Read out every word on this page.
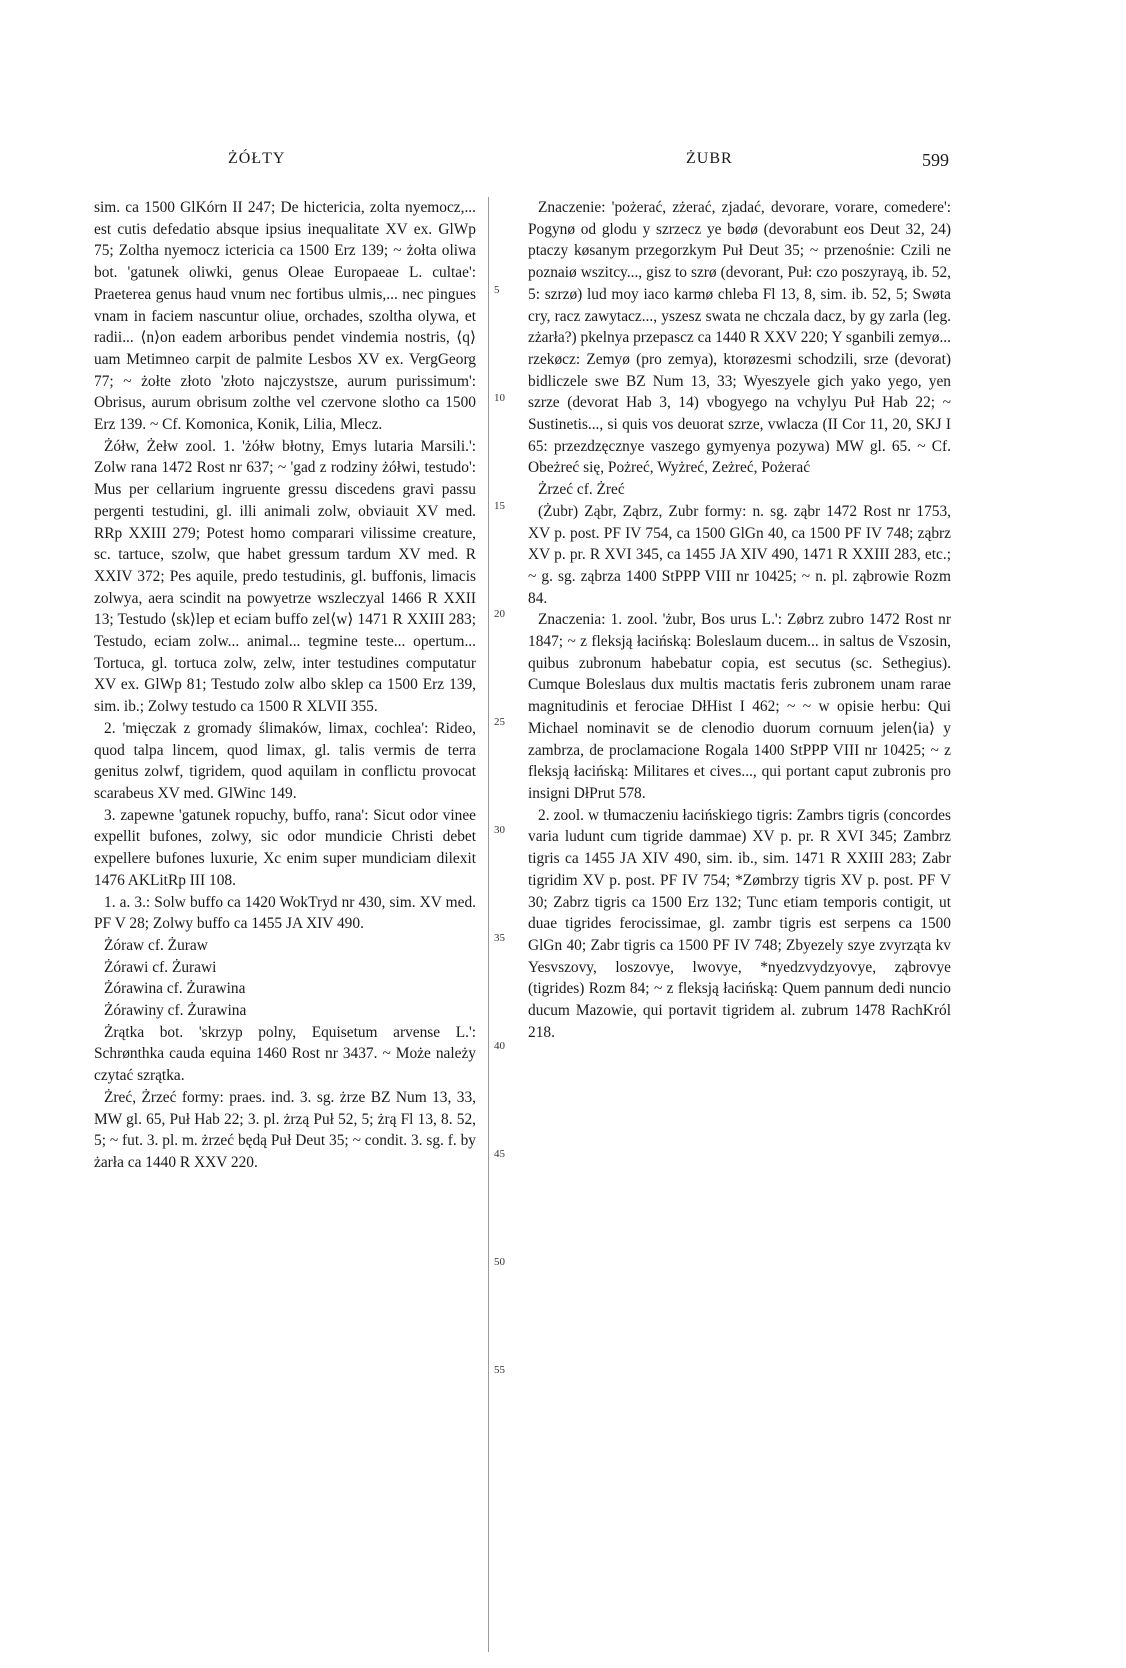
ŻÓŁTY	ŻUBR	599

sim. ca 1500 GlKórn II 247; De hictericia, zolta nyemocz,... est cutis defedatio absque ipsius inequalitate XV ex. GlWp 75; Zoltha nyemocz ictericia ca 1500 Erz 139; ~ żołta oliwa bot. 'gatunek oliwki, genus Oleae Europaeae L. cultae': Praeterea genus haud vnum nec fortibus ulmis,... nec pingues vnam in faciem nascuntur oliue, orchades, szoltha olywa, et radii... ⟨n⟩on eadem arboribus pendet vindemia nostris, ⟨q⟩uam Metimneo carpit de palmite Lesbos XV ex. VergGeorg 77; ~ żołte złoto 'złoto najczystsze, aurum purissimum': Obrisus, aurum obrisum zolthe vel czervone slotho ca 1500 Erz 139. ~ Cf. Komonica, Konik, Lilia, Mlecz.

Żółw, Żełw zool. 1. 'żółw błotny, Emys lutaria Marsili.': Zolw rana 1472 Rost nr 637; ~ 'gad z rodziny żółwi, testudo': Mus per cellarium ingruente gressu discedens gravi passu pergenti testudini, gl. illi animali zolw, obviauit XV med. RRp XXIII 279; Potest homo comparari vilissime creature, sc. tartuce, szolw, que habet gressum tardum XV med. R XXIV 372; Pes aquile, predo testudinis, gl. buffonis, limacis zolwya, aera scindit na powyetrze wszleczyal 1466 R XXII 13; Testudo ⟨sk⟩lep et eciam buffo zel⟨w⟩ 1471 R XXIII 283; Testudo, eciam zolw... animal... tegmine teste... opertum... Tortuca, gl. tortuca zolw, zelw, inter testudines computatur XV ex. GlWp 81; Testudo zolw albo sklep ca 1500 Erz 139, sim. ib.; Zolwy testudo ca 1500 R XLVII 355.

2. 'mięczak z gromady ślimaków, limax, cochlea': Rideo, quod talpa lincem, quod limax, gl. talis vermis de terra genitus zolwf, tigridem, quod aquilam in conflictu provocat scarabeus XV med. GlWinc 149.

3. zapewne 'gatunek ropuchy, buffo, rana': Sicut odor vinee expellit bufones, zolwy, sic odor mundicie Christi debet expellere bufones luxurie, Xc enim super mundiciam dilexit 1476 AKLitRp III 108.

1. a. 3.: Solw buffo ca 1420 WokTryd nr 430, sim. XV med. PF V 28; Zolwy buffo ca 1455 JA XIV 490.

Żóraw cf. Żuraw

Żórawi cf. Żurawi

Żórawina cf. Żurawina

Żórawiny cf. Żurawina

Żrątka bot. 'skrzyp polny, Equisetum arvense L.': Schrønthka cauda equina 1460 Rost nr 3437. ~ Może należy czytać szrątka.

Żreć, Żrzeć formy: praes. ind. 3. sg. żrze BZ Num 13, 33, MW gl. 65, Puł Hab 22; 3. pl. żrzą Puł 52, 5; żrą Fl 13, 8. 52, 5; ~ fut. 3. pl. m. żrzeć będą Puł Deut 35; ~ condit. 3. sg. f. by żarła ca 1440 R XXV 220.

5
10
15
20
25
30
35
40
45
50
55

Znaczenie: 'pożerać, zżerać, zjadać, devorare, vorare, comedere': Pogynø od glodu y szrzecz ye bødø (devorabunt eos Deut 32, 24) ptaczy køsanym przegorzkym Puł Deut 35; ~ przenośnie: Czili ne poznaiø wszitcy..., gisz to szrø (devorant, Puł: czo poszyrayą, ib. 52, 5: szrzø) lud moy iaco karmø chleba Fl 13, 8, sim. ib. 52, 5; Swøta cry, racz zawytacz..., yszesz swata ne chczala dacz, by gy zarla (leg. zżarła?) pkelnya przepascz ca 1440 R XXV 220; Y sganbili zemyø... rzekøcz: Zemyø (pro zemya), ktorøzesmi schodzili, srze (devorat) bidliczele swe BZ Num 13, 33; Wyeszyele gich yako yego, yen szrze (devorat Hab 3, 14) vbogyego na vchylyu Puł Hab 22; ~ Sustinetis..., si quis vos deuorat szrze, vwlacza (II Cor 11, 20, SKJ I 65: przezdzęcznye vaszego gymyenya pozywa) MW gl. 65. ~ Cf. Obeżreć się, Pożreć, Wyżreć, Zeżreć, Pożerać

Żrzeć cf. Żreć

(Żubr) Ząbr, Ząbrz, Zubr formy: n. sg. ząbr 1472 Rost nr 1753, XV p. post. PF IV 754, ca 1500 GlGn 40, ca 1500 PF IV 748; ząbrz XV p. pr. R XVI 345, ca 1455 JA XIV 490, 1471 R XXIII 283, etc.; ~ g. sg. ząbrza 1400 StPPP VIII nr 10425; ~ n. pl. ząbrowie Rozm 84.

Znaczenia: 1. zool. 'żubr, Bos urus L.': Zøbrz zubro 1472 Rost nr 1847; ~ z fleksją łacińską: Boleslaum ducem... in saltus de Vszosin, quibus zubronum habebatur copia, est secutus (sc. Sethegius). Cumque Boleslaus dux multis mactatis feris zubronem unam rarae magnitudinis et ferociae DłHist I 462; ~ ~ w opisie herbu: Qui Michael nominavit se de clenodio duorum cornuum jelen⟨ia⟩ y zambrza, de proclamacione Rogala 1400 StPPP VIII nr 10425; ~ z fleksją łacińską: Militares et cives..., qui portant caput zubronis pro insigni DłPrut 578.

2. zool. w tłumaczeniu łacińskiego tigris: Zambrs tigris (concordes varia ludunt cum tigride dammae) XV p. pr. R XVI 345; Zambrz tigris ca 1455 JA XIV 490, sim. ib., sim. 1471 R XXIII 283; Zabr tigridim XV p. post. PF IV 754; *Zømbrzy tigris XV p. post. PF V 30; Zabrz tigris ca 1500 Erz 132; Tunc etiam temporis contigit, ut duae tigrides ferocissimae, gl. zambr tigris est serpens ca 1500 GlGn 40; Zabr tigris ca 1500 PF IV 748; Zbyezely szye zvyrząta kv Yesvszovy, loszovye, lwovye, *nyedzvydzyovye, ząbrovye (tigrides) Rozm 84; ~ z fleksją łacińską: Quem pannum dedi nuncio ducum Mazowie, qui portavit tigridem al. zubrum 1478 RachKról 218.
